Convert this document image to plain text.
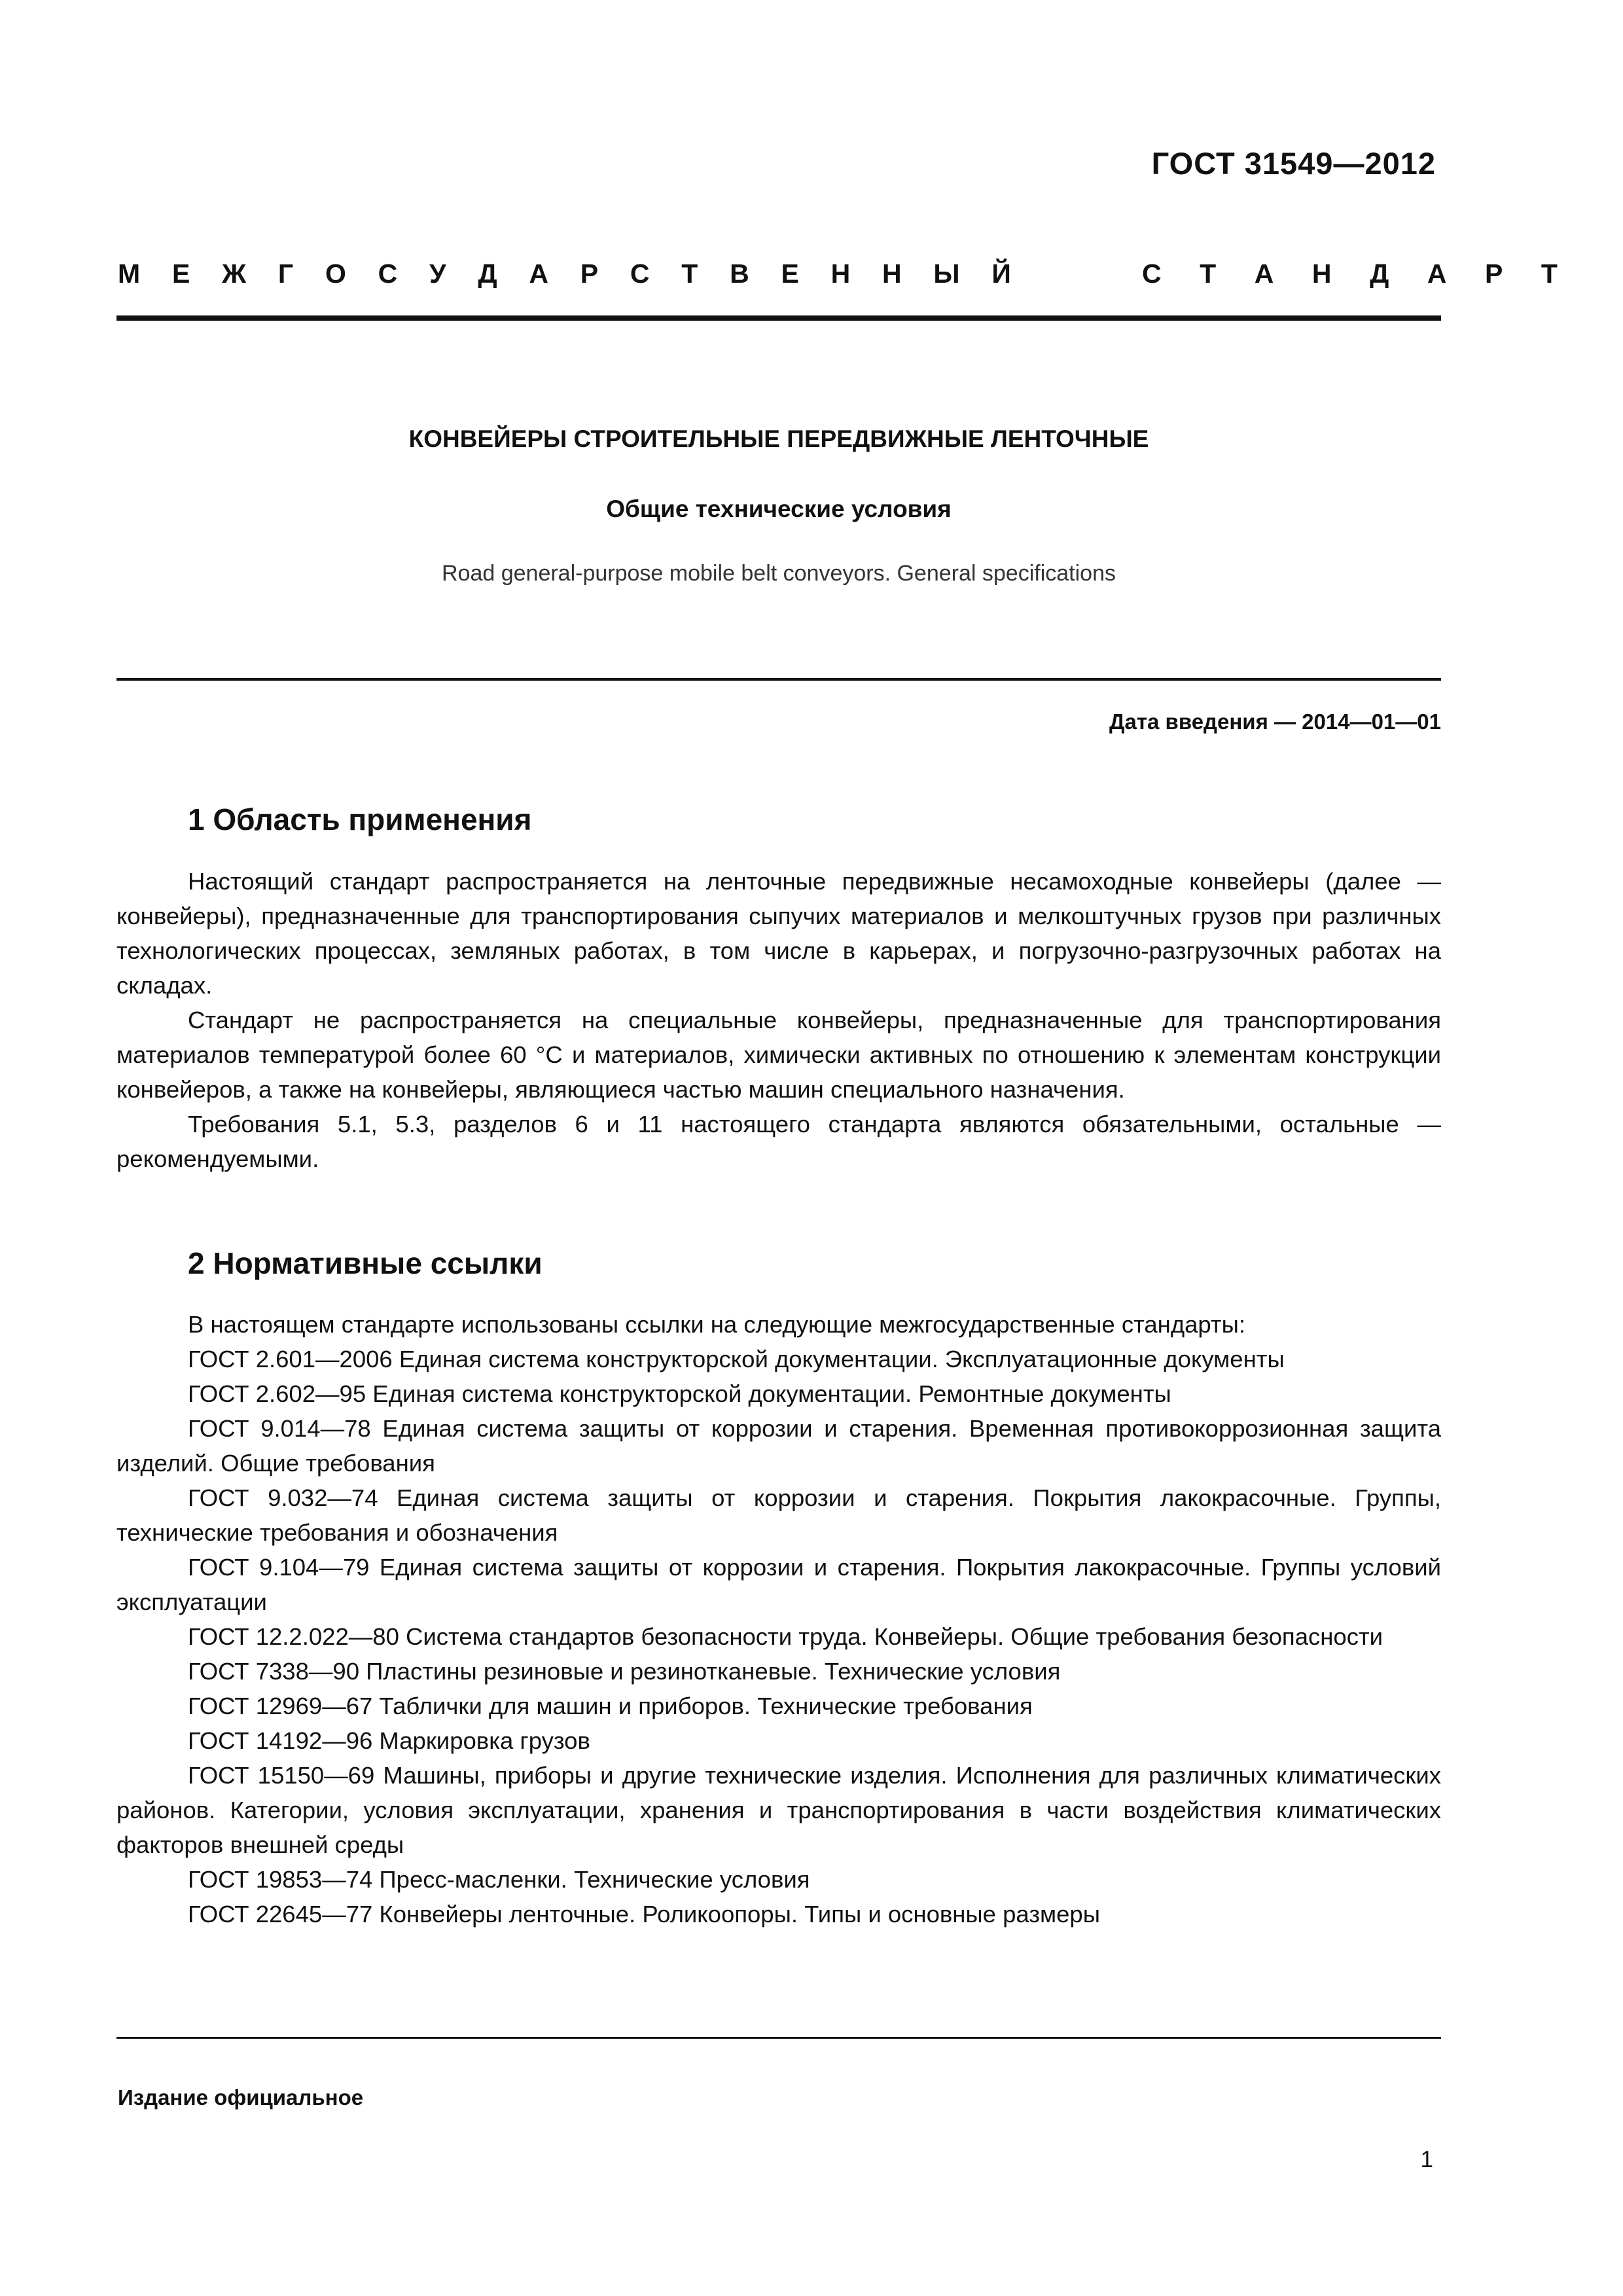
ГОСТ 31549—2012
М Е Ж Г О С У Д А Р С Т В Е Н Н Ы Й	С Т А Н Д А Р Т
КОНВЕЙЕРЫ СТРОИТЕЛЬНЫЕ ПЕРЕДВИЖНЫЕ ЛЕНТОЧНЫЕ
Общие технические условия
Road general-purpose mobile belt conveyors. General specifications
Дата введения — 2014—01—01
1 Область применения

Настоящий стандарт распространяется на ленточные передвижные несамоходные конвейеры (далее — конвейеры), предназначенные для транспортирования сыпучих материалов и мелкоштучных грузов при различных технологических процессах, земляных работах, в том числе в карьерах, и погрузочно-разгрузочных работах на складах.

Стандарт не распространяется на специальные конвейеры, предназначенные для транспортирования материалов температурой более 60 °С и материалов, химически активных по отношению к элементам конструкции конвейеров, а также на конвейеры, являющиеся частью машин специального назначения.

Требования 5.1, 5.3, разделов 6 и 11 настоящего стандарта являются обязательными, остальные — рекомендуемыми.

2 Нормативные ссылки

В настоящем стандарте использованы ссылки на следующие межгосударственные стандарты:

ГОСТ 2.601—2006 Единая система конструкторской документации. Эксплуатационные документы

ГОСТ 2.602—95 Единая система конструкторской документации. Ремонтные документы

ГОСТ 9.014—78 Единая система защиты от коррозии и старения. Временная противокоррозионная защита изделий. Общие требования

ГОСТ 9.032—74 Единая система защиты от коррозии и старения. Покрытия лакокрасочные. Группы, технические требования и обозначения

ГОСТ 9.104—79 Единая система защиты от коррозии и старения. Покрытия лакокрасочные. Группы условий эксплуатации

ГОСТ 12.2.022—80 Система стандартов безопасности труда. Конвейеры. Общие требования безопасности

ГОСТ 7338—90 Пластины резиновые и резинотканевые. Технические условия

ГОСТ 12969—67 Таблички для машин и приборов. Технические требования

ГОСТ 14192—96 Маркировка грузов

ГОСТ 15150—69 Машины, приборы и другие технические изделия. Исполнения для различных климатических районов. Категории, условия эксплуатации, хранения и транспортирования в части воздействия климатических факторов внешней среды

ГОСТ 19853—74 Пресс-масленки. Технические условия

ГОСТ 22645—77 Конвейеры ленточные. Роликоопоры. Типы и основные размеры

Издание официальное
1
